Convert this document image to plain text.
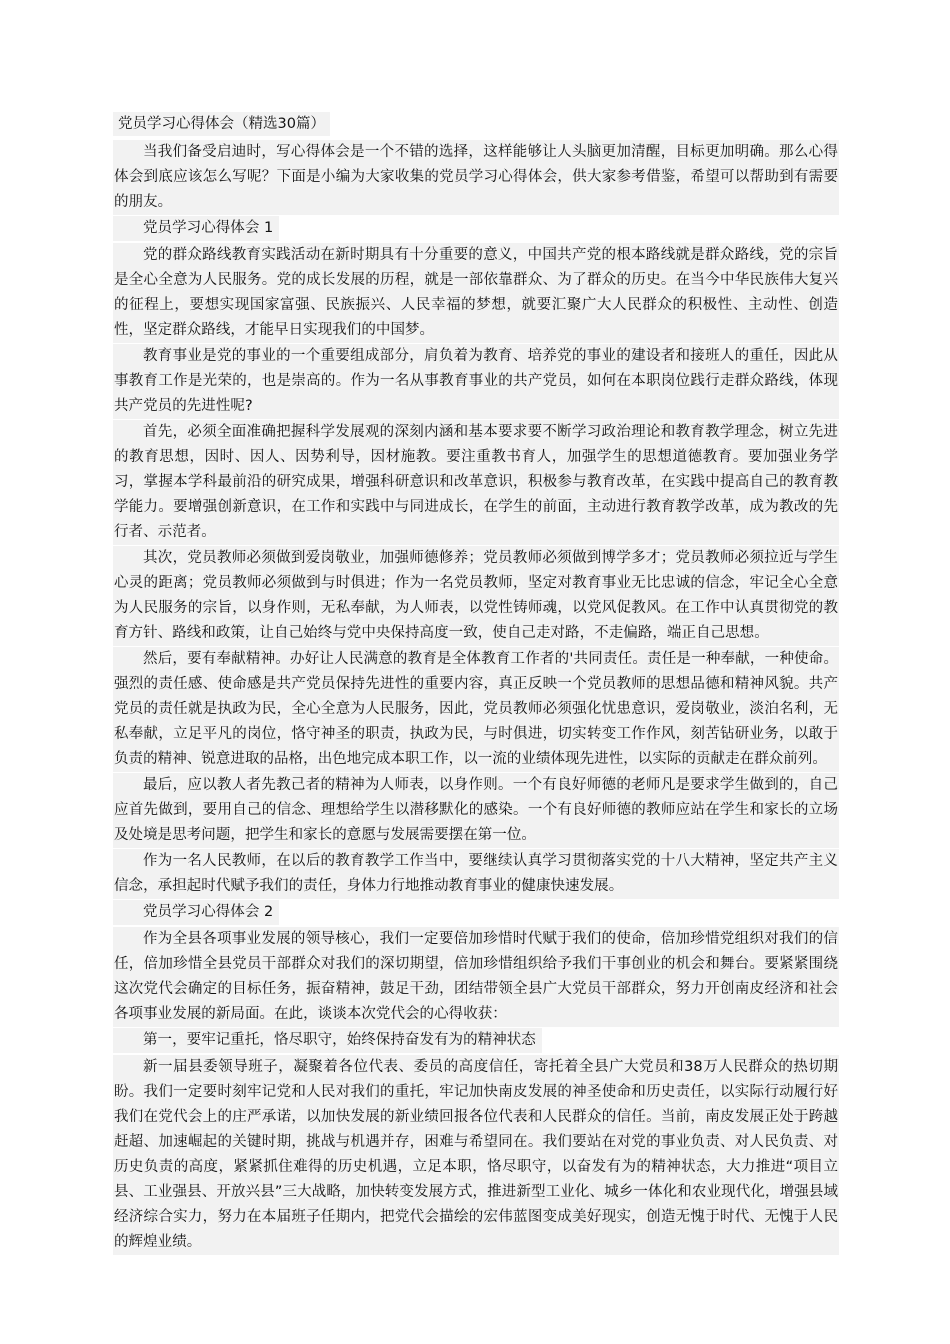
党员学习心得体会（精选30篇）
当我们备受启迪时，写心得体会是一个不错的选择，这样能够让人头脑更加清醒，目标更加明确。那么心得体会到底应该怎么写呢？下面是小编为大家收集的党员学习心得体会，供大家参考借鉴，希望可以帮助到有需要的朋友。
党员学习心得体会 1
党的群众路线教育实践活动在新时期具有十分重要的意义，中国共产党的根本路线就是群众路线，党的宗旨是全心全意为人民服务。党的成长发展的历程，就是一部依靠群众、为了群众的历史。在当今中华民族伟大复兴的征程上，要想实现国家富强、民族振兴、人民幸福的梦想，就要汇聚广大人民群众的积极性、主动性、创造性，坚定群众路线，才能早日实现我们的中国梦。
教育事业是党的事业的一个重要组成部分，肩负着为教育、培养党的事业的建设者和接班人的重任，因此从事教育工作是光荣的，也是崇高的。作为一名从事教育事业的共产党员，如何在本职岗位践行走群众路线，体现共产党员的先进性呢?
首先，必须全面准确把握科学发展观的深刻内涵和基本要求要不断学习政治理论和教育教学理念，树立先进的教育思想，因时、因人、因势利导，因材施教。要注重教书育人，加强学生的思想道德教育。要加强业务学习，掌握本学科最前沿的研究成果，增强科研意识和改革意识，积极参与教育改革，在实践中提高自己的教育教学能力。要增强创新意识，在工作和实践中与同进成长，在学生的前面，主动进行教育教学改革，成为教改的先行者、示范者。
其次，党员教师必须做到爱岗敬业，加强师德修养；党员教师必须做到博学多才；党员教师必须拉近与学生心灵的距离；党员教师必须做到与时俱进；作为一名党员教师，坚定对教育事业无比忠诚的信念，牢记全心全意为人民服务的宗旨，以身作则，无私奉献，为人师表，以党性铸师魂，以党风促教风。在工作中认真贯彻党的教育方针、路线和政策，让自己始终与党中央保持高度一致，使自己走对路，不走偏路，端正自己思想。
然后，要有奉献精神。办好让人民满意的教育是全体教育工作者的'共同责任。责任是一种奉献，一种使命。强烈的责任感、使命感是共产党员保持先进性的重要内容，真正反映一个党员教师的思想品德和精神风貌。共产党员的责任就是执政为民，全心全意为人民服务，因此，党员教师必须强化忧患意识，爱岗敬业，淡泊名利，无私奉献，立足平凡的岗位，恪守神圣的职责，执政为民，与时俱进，切实转变工作作风，刻苦钻研业务，以敢于负责的精神、锐意进取的品格，出色地完成本职工作，以一流的业绩体现先进性，以实际的贡献走在群众前列。
最后，应以教人者先教己者的精神为人师表，以身作则。一个有良好师德的老师凡是要求学生做到的，自己应首先做到，要用自己的信念、理想给学生以潜移默化的感染。一个有良好师德的教师应站在学生和家长的立场及处境是思考问题，把学生和家长的意愿与发展需要摆在第一位。
作为一名人民教师，在以后的教育教学工作当中，要继续认真学习贯彻落实党的十八大精神，坚定共产主义信念，承担起时代赋予我们的责任，身体力行地推动教育事业的健康快速发展。
党员学习心得体会 2
作为全县各项事业发展的领导核心，我们一定要倍加珍惜时代赋于我们的使命，倍加珍惜党组织对我们的信任，倍加珍惜全县党员干部群众对我们的深切期望，倍加珍惜组织给予我们干事创业的机会和舞台。要紧紧围绕这次党代会确定的目标任务，振奋精神，鼓足干劲，团结带领全县广大党员干部群众，努力开创南皮经济和社会各项事业发展的新局面。在此，谈谈本次党代会的心得收获：
第一，要牢记重托，恪尽职守，始终保持奋发有为的精神状态
新一届县委领导班子，凝聚着各位代表、委员的高度信任，寄托着全县广大党员和38万人民群众的热切期盼。我们一定要时刻牢记党和人民对我们的重托，牢记加快南皮发展的神圣使命和历史责任，以实际行动履行好我们在党代会上的庄严承诺，以加快发展的新业绩回报各位代表和人民群众的信任。当前，南皮发展正处于跨越赶超、加速崛起的关键时期，挑战与机遇并存，困难与希望同在。我们要站在对党的事业负责、对人民负责、对历史负责的高度，紧紧抓住难得的历史机遇，立足本职，恪尽职守，以奋发有为的精神状态，大力推进“项目立县、工业强县、开放兴县”三大战略，加快转变发展方式，推进新型工业化、城乡一体化和农业现代化，增强县域经济综合实力，努力在本届班子任期内，把党代会描绘的宏伟蓝图变成美好现实，创造无愧于时代、无愧于人民的辉煌业绩。
